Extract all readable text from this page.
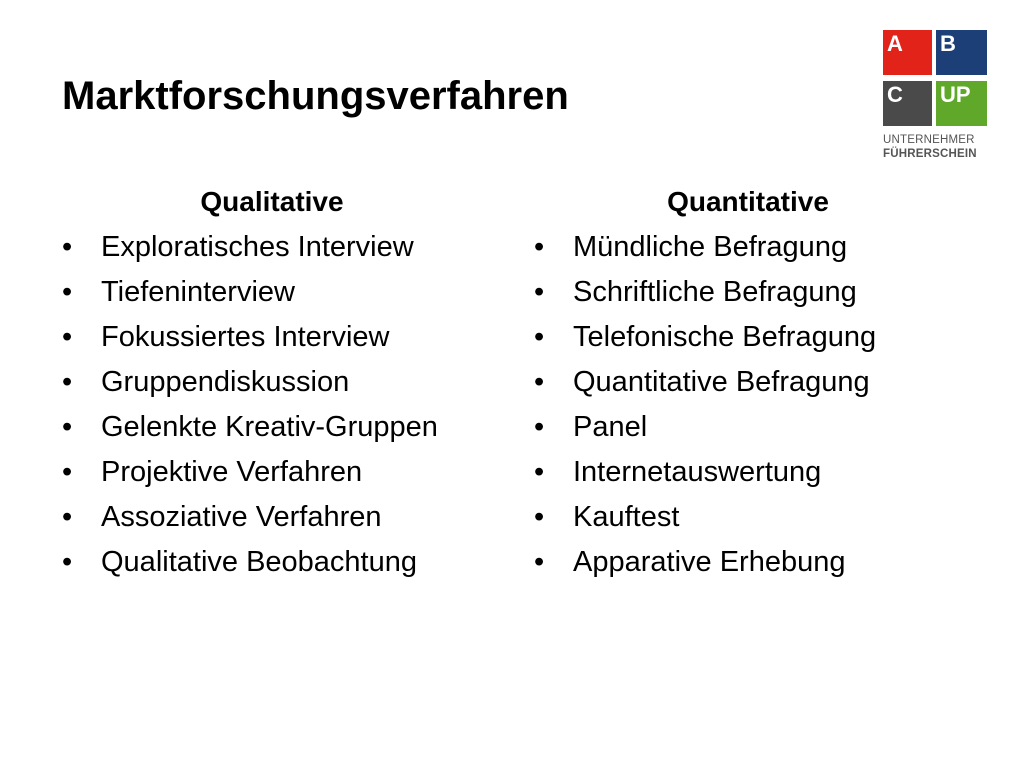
Marktforschungsverfahren
A	B
C	UP
UNTERNEHMER
FÜHRERSCHEIN
Qualitative
• Exploratisches Interview
• Tiefeninterview
• Fokussiertes Interview
• Gruppendiskussion
• Gelenkte Kreativ-Gruppen
• Projektive Verfahren
• Assoziative Verfahren
• Qualitative Beobachtung
Quantitative
• Mündliche Befragung
• Schriftliche Befragung
• Telefonische Befragung
• Quantitative Befragung
• Panel
• Internetauswertung
• Kauftest
• Apparative Erhebung
